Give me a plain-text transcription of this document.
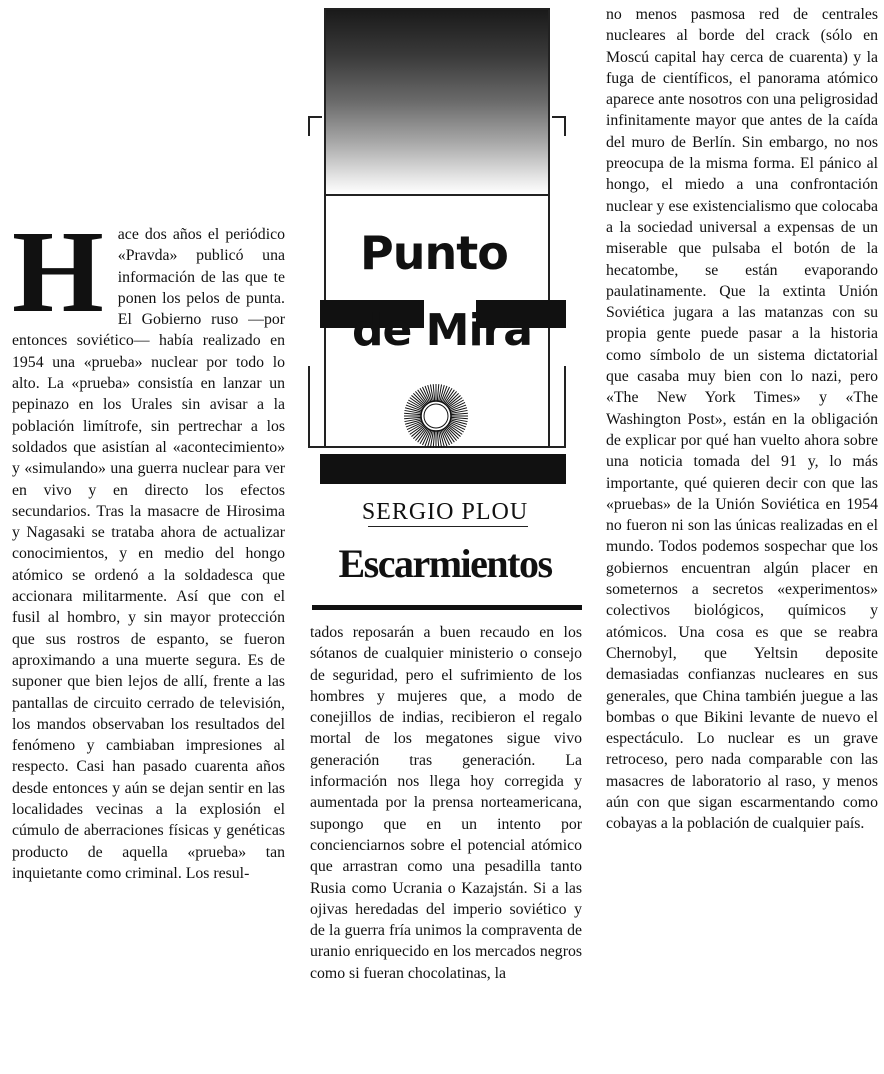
H ace dos años el periódico «Pravda» publicó una información de las que te ponen los pelos de punta. El Gobierno ruso —por entonces soviético— había realizado en 1954 una «prueba» nuclear por todo lo alto. La «prueba» consistía en lanzar un pepinazo en los Urales sin avisar a la población limítrofe, sin pertrechar a los soldados que asistían al «acontecimiento» y «simulando» una guerra nuclear para ver en vivo y en directo los efectos secundarios. Tras la masacre de Hirosima y Nagasaki se trataba ahora de actualizar conocimientos, y en medio del hongo atómico se ordenó a la soldadesca que accionara militarmente. Así que con el fusil al hombro, y sin mayor protección que sus rostros de espanto, se fueron aproximando a una muerte segura. Es de suponer que bien lejos de allí, frente a las pantallas de circuito cerrado de televisión, los mandos observaban los resultados del fenómeno y cambiaban impresiones al respecto. Casi han pasado cuarenta años desde entonces y aún se dejan sentir en las localidades vecinas a la explosión el cúmulo de aberraciones físicas y genéticas producto de aquella «prueba» tan inquietante como criminal. Los resul-
Punto
de Mira
SERGIO PLOU
Escarmientos

tados reposarán a buen recaudo en los sótanos de cualquier ministerio o consejo de seguridad, pero el sufrimiento de los hombres y mujeres que, a modo de conejillos de indias, recibieron el regalo mortal de los megatones sigue vivo generación tras generación. La información nos llega hoy corregida y aumentada por la prensa norteamericana, supongo que en un intento por concienciarnos sobre el potencial atómico que arrastran como una pesadilla tanto Rusia como Ucrania o Kazajstán. Si a las ojivas heredadas del imperio soviético y de la guerra fría unimos la compraventa de uranio enriquecido en los mercados negros como si fueran chocolatinas, la

no menos pasmosa red de centrales nucleares al borde del crack (sólo en Moscú capital hay cerca de cuarenta) y la fuga de científicos, el panorama atómico aparece ante nosotros con una peligrosidad infinitamente mayor que antes de la caída del muro de Berlín. Sin embargo, no nos preocupa de la misma forma. El pánico al hongo, el miedo a una confrontación nuclear y ese existencialismo que colocaba a la sociedad universal a expensas de un miserable que pulsaba el botón de la hecatombe, se están evaporando paulatinamente. Que la extinta Unión Soviética jugara a las matanzas con su propia gente puede pasar a la historia como símbolo de un sistema dictatorial que casaba muy bien con lo nazi, pero «The New York Times» y «The Washington Post», están en la obligación de explicar por qué han vuelto ahora sobre una noticia tomada del 91 y, lo más importante, qué quieren decir con que las «pruebas» de la Unión Soviética en 1954 no fueron ni son las únicas realizadas en el mundo. Todos podemos sospechar que los gobiernos encuentran algún placer en someternos a secretos «experimentos» colectivos biológicos, químicos y atómicos. Una cosa es que se reabra Chernobyl, que Yeltsin deposite demasiadas confianzas nucleares en sus generales, que China también juegue a las bombas o que Bikini levante de nuevo el espectáculo. Lo nuclear es un grave retroceso, pero nada comparable con las masacres de laboratorio al raso, y menos aún con que sigan escarmentando como cobayas a la población de cualquier país.
